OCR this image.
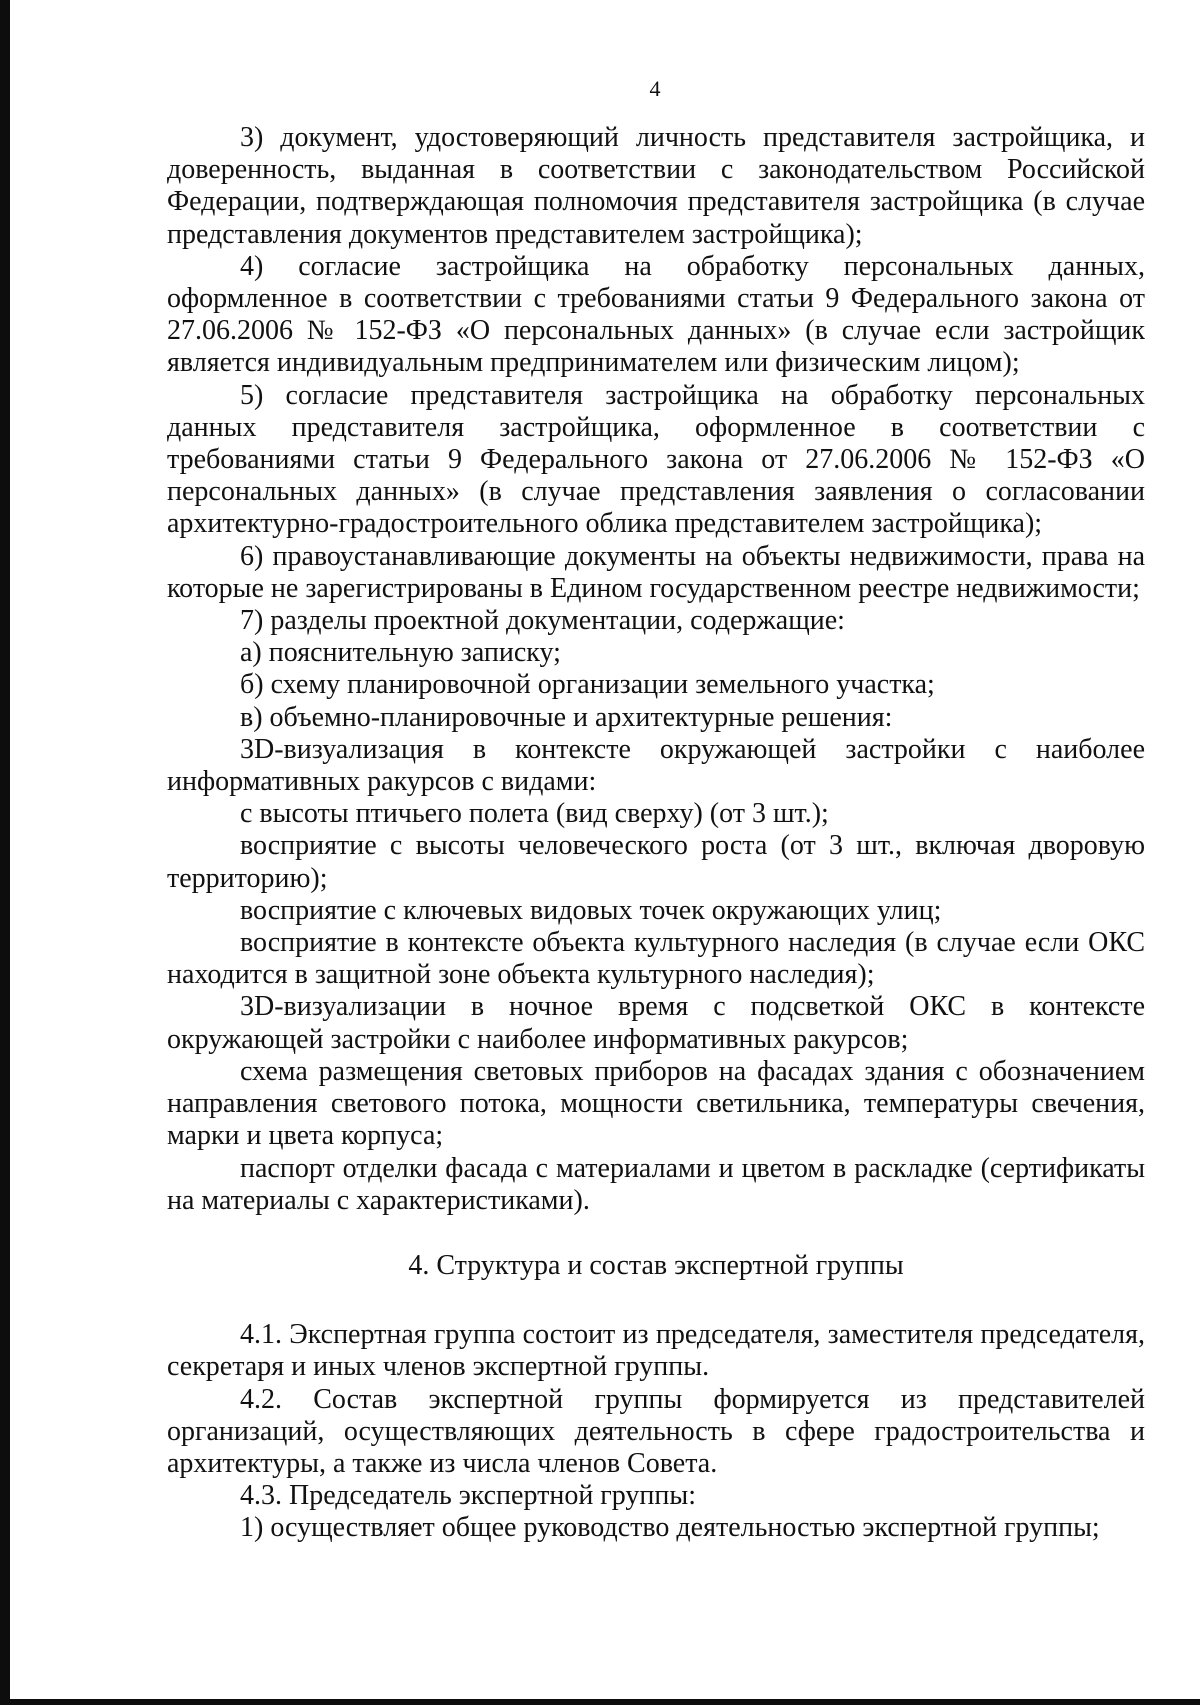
4

3) документ, удостоверяющий личность представителя застройщика, и доверенность, выданная в соответствии с законодательством Российской Федерации, подтверждающая полномочия представителя застройщика (в случае представления документов представителем застройщика);

4) согласие застройщика на обработку персональных данных, оформленное в соответствии с требованиями статьи 9 Федерального закона от 27.06.2006 № 152-ФЗ «О персональных данных» (в случае если застройщик является индивидуальным предпринимателем или физическим лицом);

5) согласие представителя застройщика на обработку персональных данных представителя застройщика, оформленное в соответствии с требованиями статьи 9 Федерального закона от 27.06.2006 № 152-ФЗ «О персональных данных» (в случае представления заявления о согласовании архитектурно-градостроительного облика представителем застройщика);

6) правоустанавливающие документы на объекты недвижимости, права на которые не зарегистрированы в Едином государственном реестре недвижимости;

7) разделы проектной документации, содержащие:

а) пояснительную записку;

б) схему планировочной организации земельного участка;

в) объемно-планировочные и архитектурные решения:

3D-визуализация в контексте окружающей застройки с наиболее информативных ракурсов с видами:

с высоты птичьего полета (вид сверху) (от 3 шт.);

восприятие с высоты человеческого роста (от 3 шт., включая дворовую территорию);

восприятие с ключевых видовых точек окружающих улиц;

восприятие в контексте объекта культурного наследия (в случае если ОКС находится в защитной зоне объекта культурного наследия);

3D-визуализации в ночное время с подсветкой ОКС в контексте окружающей застройки с наиболее информативных ракурсов;

схема размещения световых приборов на фасадах здания с обозначением направления светового потока, мощности светильника, температуры свечения, марки и цвета корпуса;

паспорт отделки фасада с материалами и цветом в раскладке (сертификаты на материалы с характеристиками).

4. Структура и состав экспертной группы

4.1. Экспертная группа состоит из председателя, заместителя председателя, секретаря и иных членов экспертной группы.

4.2. Состав экспертной группы формируется из представителей организаций, осуществляющих деятельность в сфере градостроительства и архитектуры, а также из числа членов Совета.

4.3. Председатель экспертной группы:

1) осуществляет общее руководство деятельностью экспертной группы;
